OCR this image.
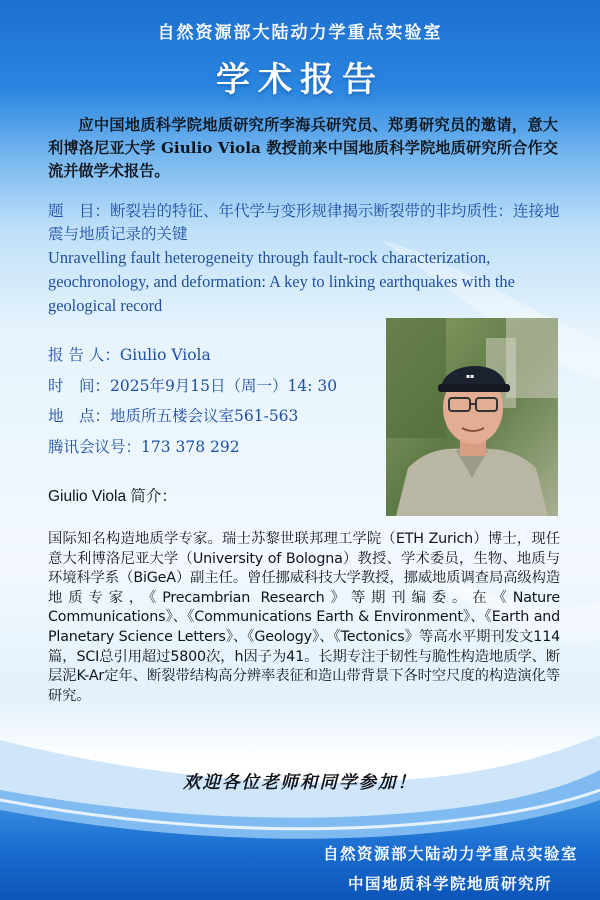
自然资源部大陆动力学重点实验室
学术报告
应中国地质科学院地质研究所李海兵研究员、郑勇研究员的邀请，意大利博洛尼亚大学 Giulio Viola 教授前来中国地质科学院地质研究所合作交流并做学术报告。
题　目：断裂岩的特征、年代学与变形规律揭示断裂带的非均质性：连接地震与地质记录的关键
Unravelling fault heterogeneity through fault-rock characterization, geochronology, and deformation: A key to linking earthquakes with the geological record
报 告 人：Giulio Viola
时　间：2025年9月15日（周一）14: 30
地　点：地质所五楼会议室561-563
腾讯会议号：173 378 292
▪▪
Giulio Viola 简介：
国际知名构造地质学专家。瑞士苏黎世联邦理工学院（ETH Zurich）博士，现任意大利博洛尼亚大学（University of Bologna）教授、学术委员，生物、地质与环境科学系（BiGeA）副主任。曾任挪威科技大学教授，挪威地质调查局高级构造地质专家，《Precambrian Research》等期刊编委。在《Nature Communications》、《Communications Earth & Environment》、《Earth and Planetary Science Letters》、《Geology》、《Tectonics》等高水平期刊发文114篇，SCI总引用超过5800次，h因子为41。长期专注于韧性与脆性构造地质学、断层泥K-Ar定年、断裂带结构高分辨率表征和造山带背景下各时空尺度的构造演化等研究。
欢迎各位老师和同学参加！
自然资源部大陆动力学重点实验室
中国地质科学院地质研究所
